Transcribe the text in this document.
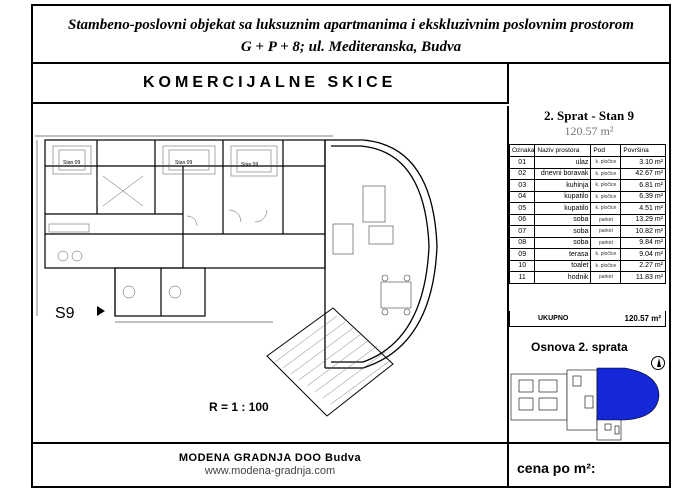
Stambeno-poslovni objekat sa luksuznim apartmanima i ekskluzivnim poslovnim prostorom
G + P + 8; ul. Mediteranska, Budva
KOMERCIJALNE SKICE
S9
Stan 09	Stan 09	Stan 09
R = 1 : 100
2. Sprat - Stan 9
120.57 m²
Oznaka	Naziv prostora	Pod	Površina
01	ulaz	k. pločice	3.10 m²
02	dnevni boravak	k. pločice	42.67 m²
03	kuhinja	k. pločice	6.81 m²
04	kupatilo	k. pločice	6.39 m²
05	kupatilo	k. pločice	4.51 m²
06	soba	parket	13.29 m²
07	soba	parket	10.82 m²
08	soba	parket	9.84 m²
09	terasa	k. pločice	9.04 m²
10	toalet	k. pločice	2.27 m²
11	hodnik	parket	11.83 m²
UKUPNO	120.57 m²
Osnova 2. sprata
MODENA GRADNJA DOO Budva
www.modena-gradnja.com	cena po m²:
